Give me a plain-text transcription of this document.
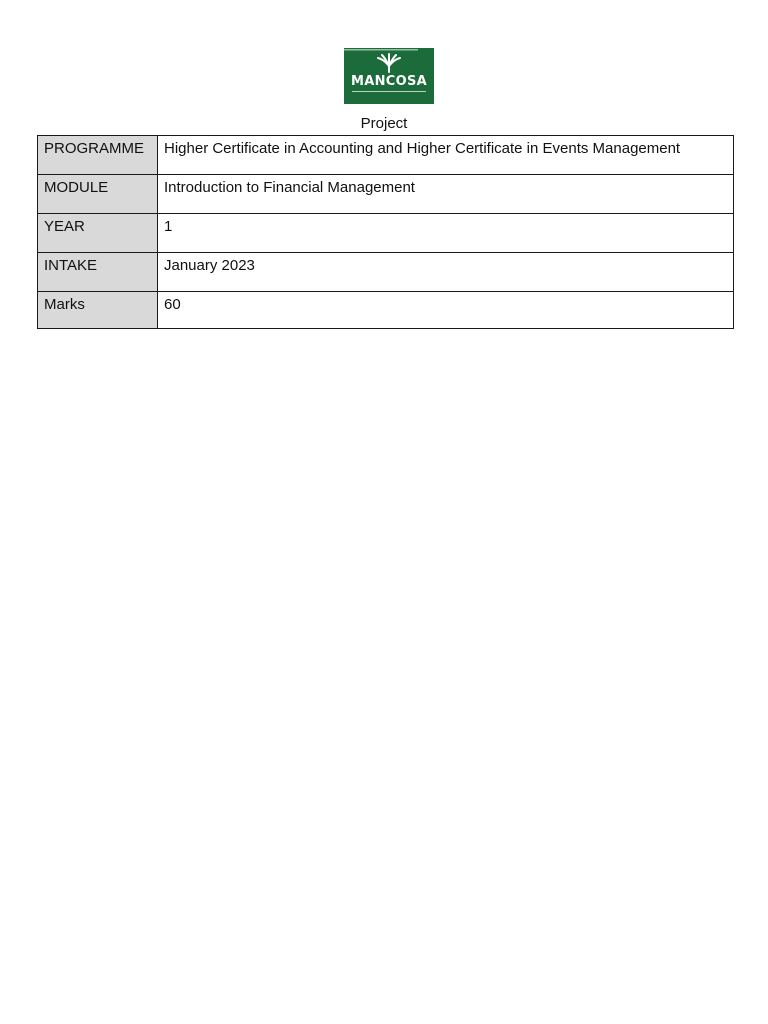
MANCOSA
Project
PROGRAMME	Higher Certificate in Accounting and Higher Certificate in Events Management
MODULE	Introduction to Financial Management
YEAR	1
INTAKE	January 2023
Marks	60
